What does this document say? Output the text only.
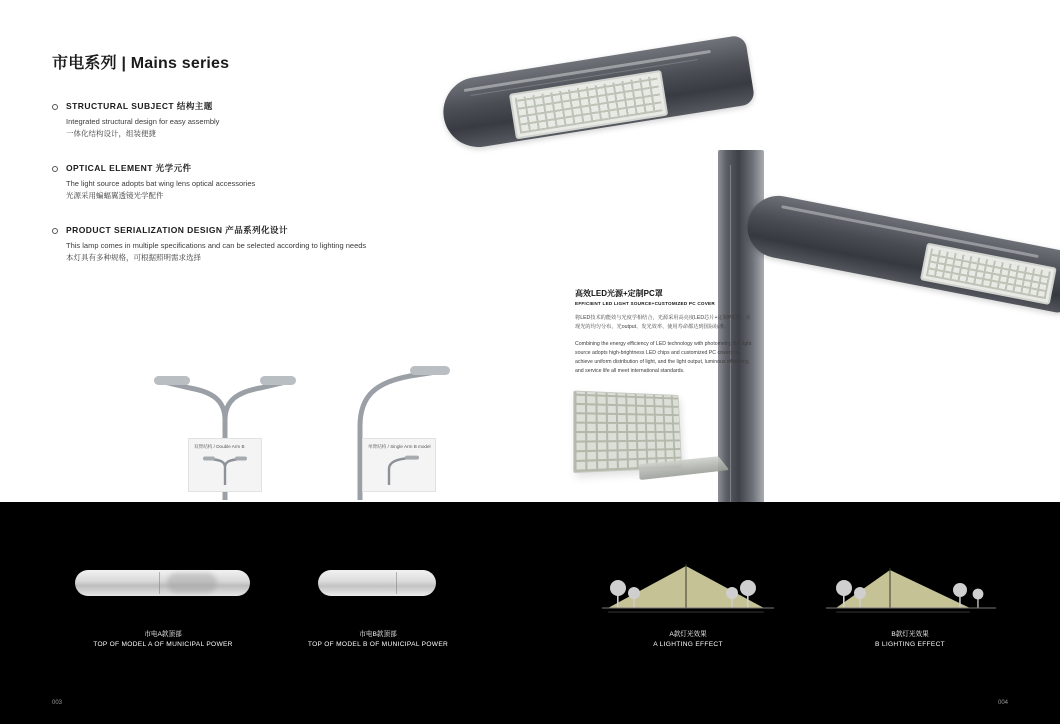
市电系列 | Mains series
STRUCTURAL SUBJECT 结构主题
Integrated structural design for easy assembly
一体化结构设计，组装便捷
OPTICAL ELEMENT 光学元件
The light source adopts bat wing lens optical accessories
光源采用蝙蝠翼透镜光学配件
PRODUCT SERIALIZATION DESIGN 产品系列化设计
This lamp comes in multiple specifications and can be selected according to lighting needs
本灯具有多种规格，可根据照明需求选择
双臂结构 / Double Arm B	单臂结构 / Single Arm B model
高效LED光源+定制PC罩
EFFICIENT LED LIGHT SOURCE+CUSTOMIZED PC COVER
将LED技术的能效与光度学相结合，光源采用高亮度LED芯片+定制PC罩，实现光的均匀分布，光output、发光效率、使用寿命都达到国际标准。
Combining the energy efficiency of LED technology with photometry, the light source adopts high-brightness LED chips and customized PC covers to achieve uniform distribution of light, and the light output, luminous efficiency, and service life all meet international standards.
市电A款顶部
TOP OF MODEL A OF MUNICIPAL POWER
市电B款顶部
TOP OF MODEL B OF MUNICIPAL POWER
A款灯光效果
A LIGHTING EFFECT
B款灯光效果
B LIGHTING EFFECT
003	004
